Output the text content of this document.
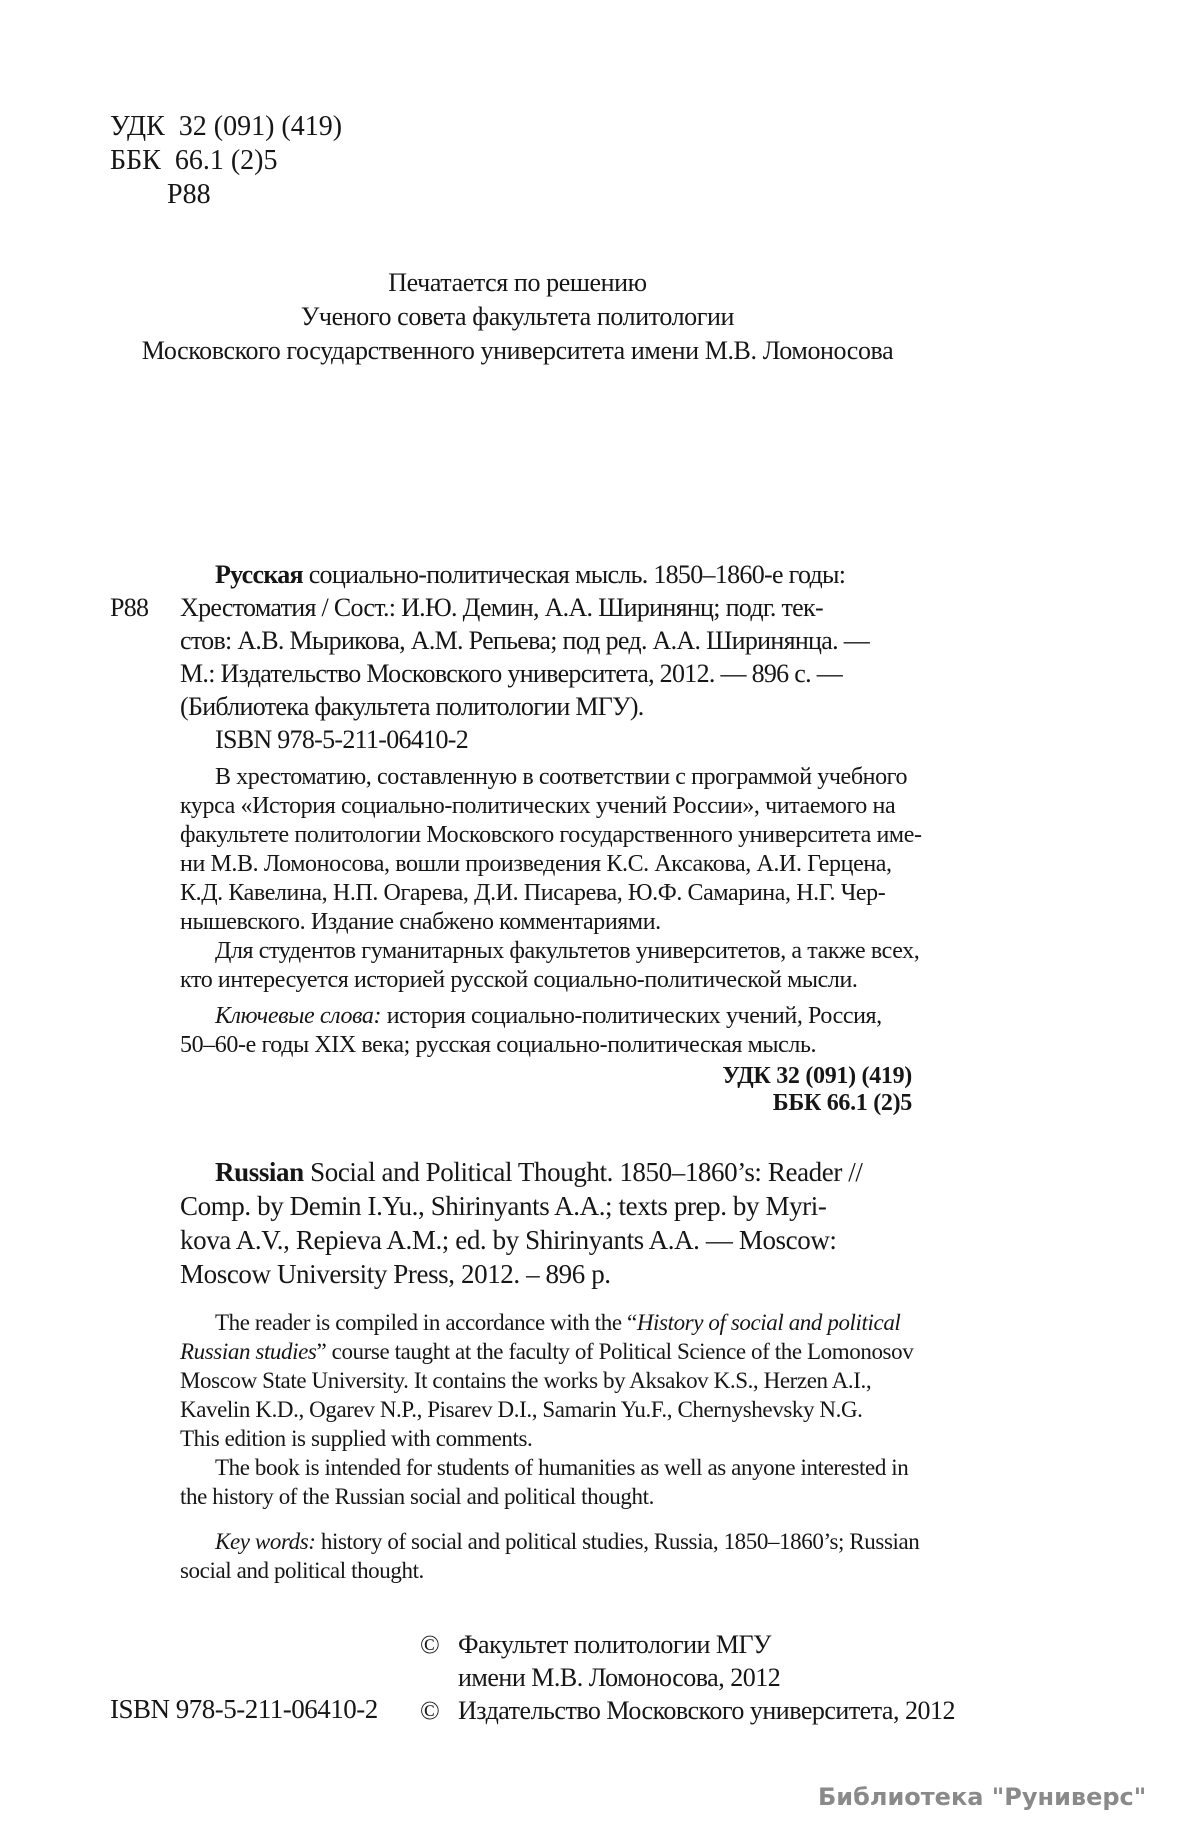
УДК 32 (091) (419)
ББК 66.1 (2)5
Р88
Печатается по решению
Ученого совета факультета политологии
Московского государственного университета имени М.В. Ломоносова
Русская социально-политическая мысль. 1850–1860-е годы:
Р88 Хрестоматия / Сост.: И.Ю. Демин, А.А. Ширинянц; подг. тек-
стов: А.В. Мырикова, А.М. Репьева; под ред. А.А. Ширинянца. —
М.: Издательство Московского университета, 2012. — 896 с. —
(Библиотека факультета политологии МГУ).
ISBN 978-5-211-06410-2
В хрестоматию, составленную в соответствии с программой учебного
курса «История социально-политических учений России», читаемого на
факультете политологии Московского государственного университета име-
ни М.В. Ломоносова, вошли произведения К.С. Аксакова, А.И. Герцена,
К.Д. Кавелина, Н.П. Огарева, Д.И. Писарева, Ю.Ф. Самарина, Н.Г. Чер-
нышевского. Издание снабжено комментариями.
Для студентов гуманитарных факультетов университетов, а также всех,
кто интересуется историей русской социально-политической мысли.
Ключевые слова: история социально-политических учений, Россия,
50–60-е годы XIX века; русская социально-политическая мысль.
УДК 32 (091) (419)
ББК 66.1 (2)5
Russian Social and Political Thought. 1850–1860’s: Reader //
Comp. by Demin I.Yu., Shirinyants A.A.; texts prep. by Myri-
kova A.V., Repieva A.M.; ed. by Shirinyants A.A. — Moscow:
Moscow University Press, 2012. – 896 p.
The reader is compiled in accordance with the “History of social and political
Russian studies” course taught at the faculty of Political Science of the Lomonosov
Moscow State University. It contains the works by Aksakov K.S., Herzen A.I.,
Kavelin K.D., Ogarev N.P., Pisarev D.I., Samarin Yu.F., Chernyshevsky N.G.
This edition is supplied with comments.
The book is intended for students of humanities as well as anyone interested in
the history of the Russian social and political thought.
Key words: history of social and political studies, Russia, 1850–1860’s; Russian
social and political thought.
ISBN 978-5-211-06410-2
© Факультет политологии МГУ
имени М.В. Ломоносова, 2012
© Издательство Московского университета, 2012
Библиотека "Руниверс"
